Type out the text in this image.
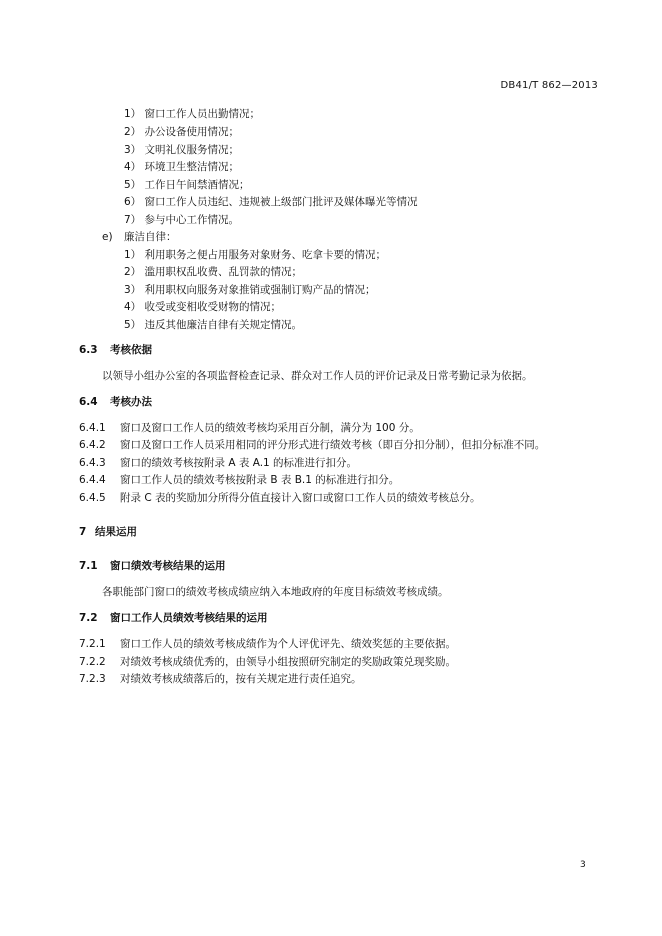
DB41/T 862—2013
1） 窗口工作人员出勤情况；
2） 办公设备使用情况；
3） 文明礼仪服务情况；
4） 环境卫生整洁情况；
5） 工作日午间禁酒情况；
6） 窗口工作人员违纪、违规被上级部门批评及媒体曝光等情况
7） 参与中心工作情况。
e) 廉洁自律：
1） 利用职务之便占用服务对象财务、吃拿卡要的情况；
2） 滥用职权乱收费、乱罚款的情况；
3） 利用职权向服务对象推销或强制订购产品的情况；
4） 收受或变相收受财物的情况；
5） 违反其他廉洁自律有关规定情况。
6.3 考核依据
以领导小组办公室的各项监督检查记录、群众对工作人员的评价记录及日常考勤记录为依据。
6.4 考核办法
6.4.1 窗口及窗口工作人员的绩效考核均采用百分制，满分为 100 分。
6.4.2 窗口及窗口工作人员采用相同的评分形式进行绩效考核（即百分扣分制），但扣分标准不同。
6.4.3 窗口的绩效考核按附录 A 表 A.1 的标准进行扣分。
6.4.4 窗口工作人员的绩效考核按附录 B 表 B.1 的标准进行扣分。
6.4.5 附录 C 表的奖励加分所得分值直接计入窗口或窗口工作人员的绩效考核总分。
7 结果运用
7.1 窗口绩效考核结果的运用
各职能部门窗口的绩效考核成绩应纳入本地政府的年度目标绩效考核成绩。
7.2 窗口工作人员绩效考核结果的运用
7.2.1 窗口工作人员的绩效考核成绩作为个人评优评先、绩效奖惩的主要依据。
7.2.2 对绩效考核成绩优秀的，由领导小组按照研究制定的奖励政策兑现奖励。
7.2.3 对绩效考核成绩落后的，按有关规定进行责任追究。
3
